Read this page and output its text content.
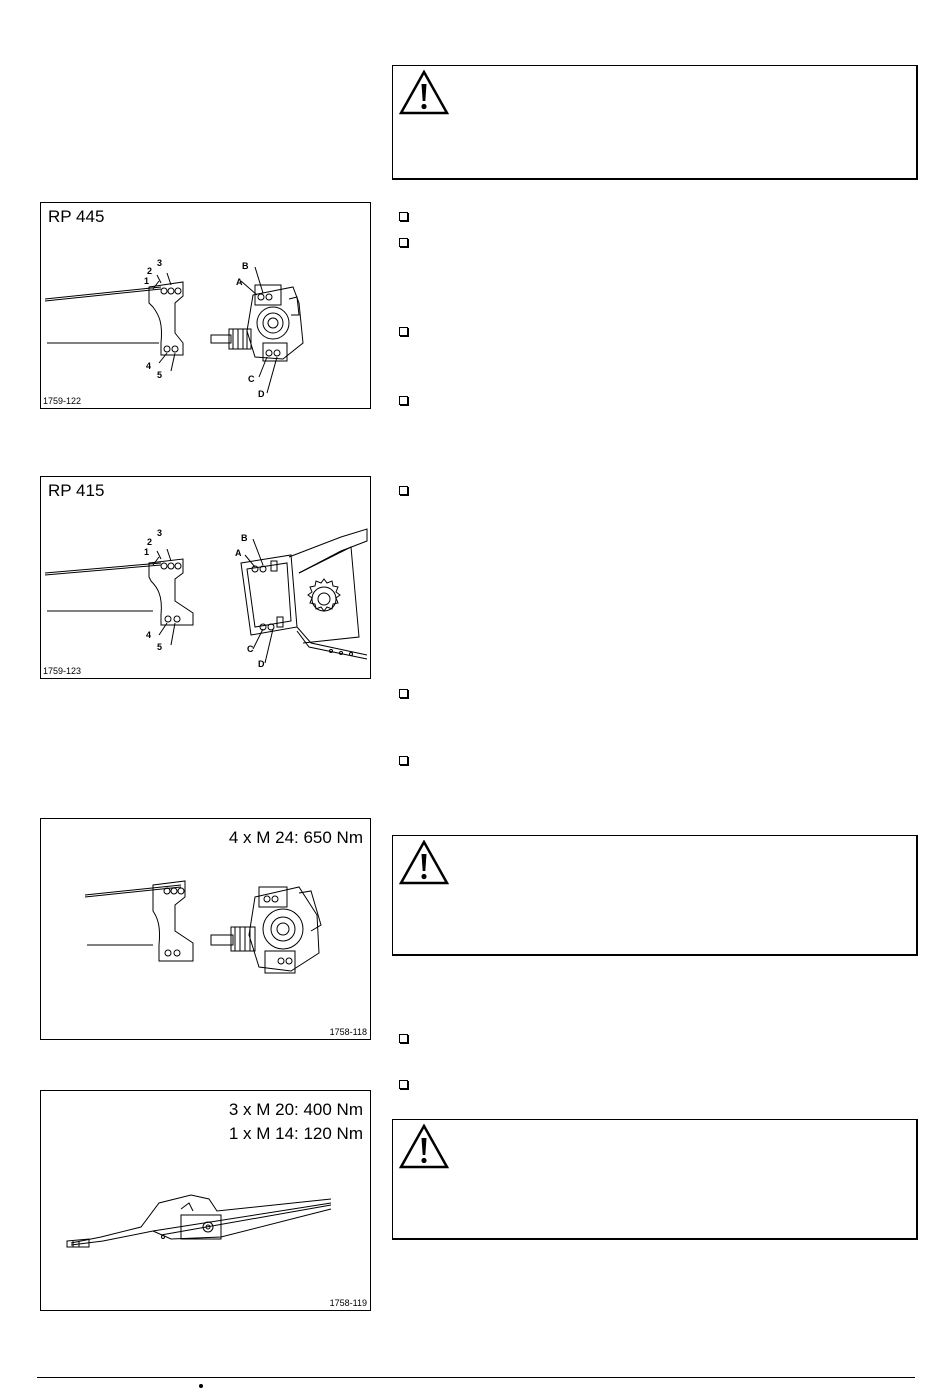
RP 445
1
2
3
4
5
A
B
C
D
1759-122
RP 415
1
2
3
4
5
A
B
C
D
1759-123
4 x M 24: 650 Nm
1758-118
3 x M 20: 400 Nm
1 x M 14: 120 Nm
1758-119
